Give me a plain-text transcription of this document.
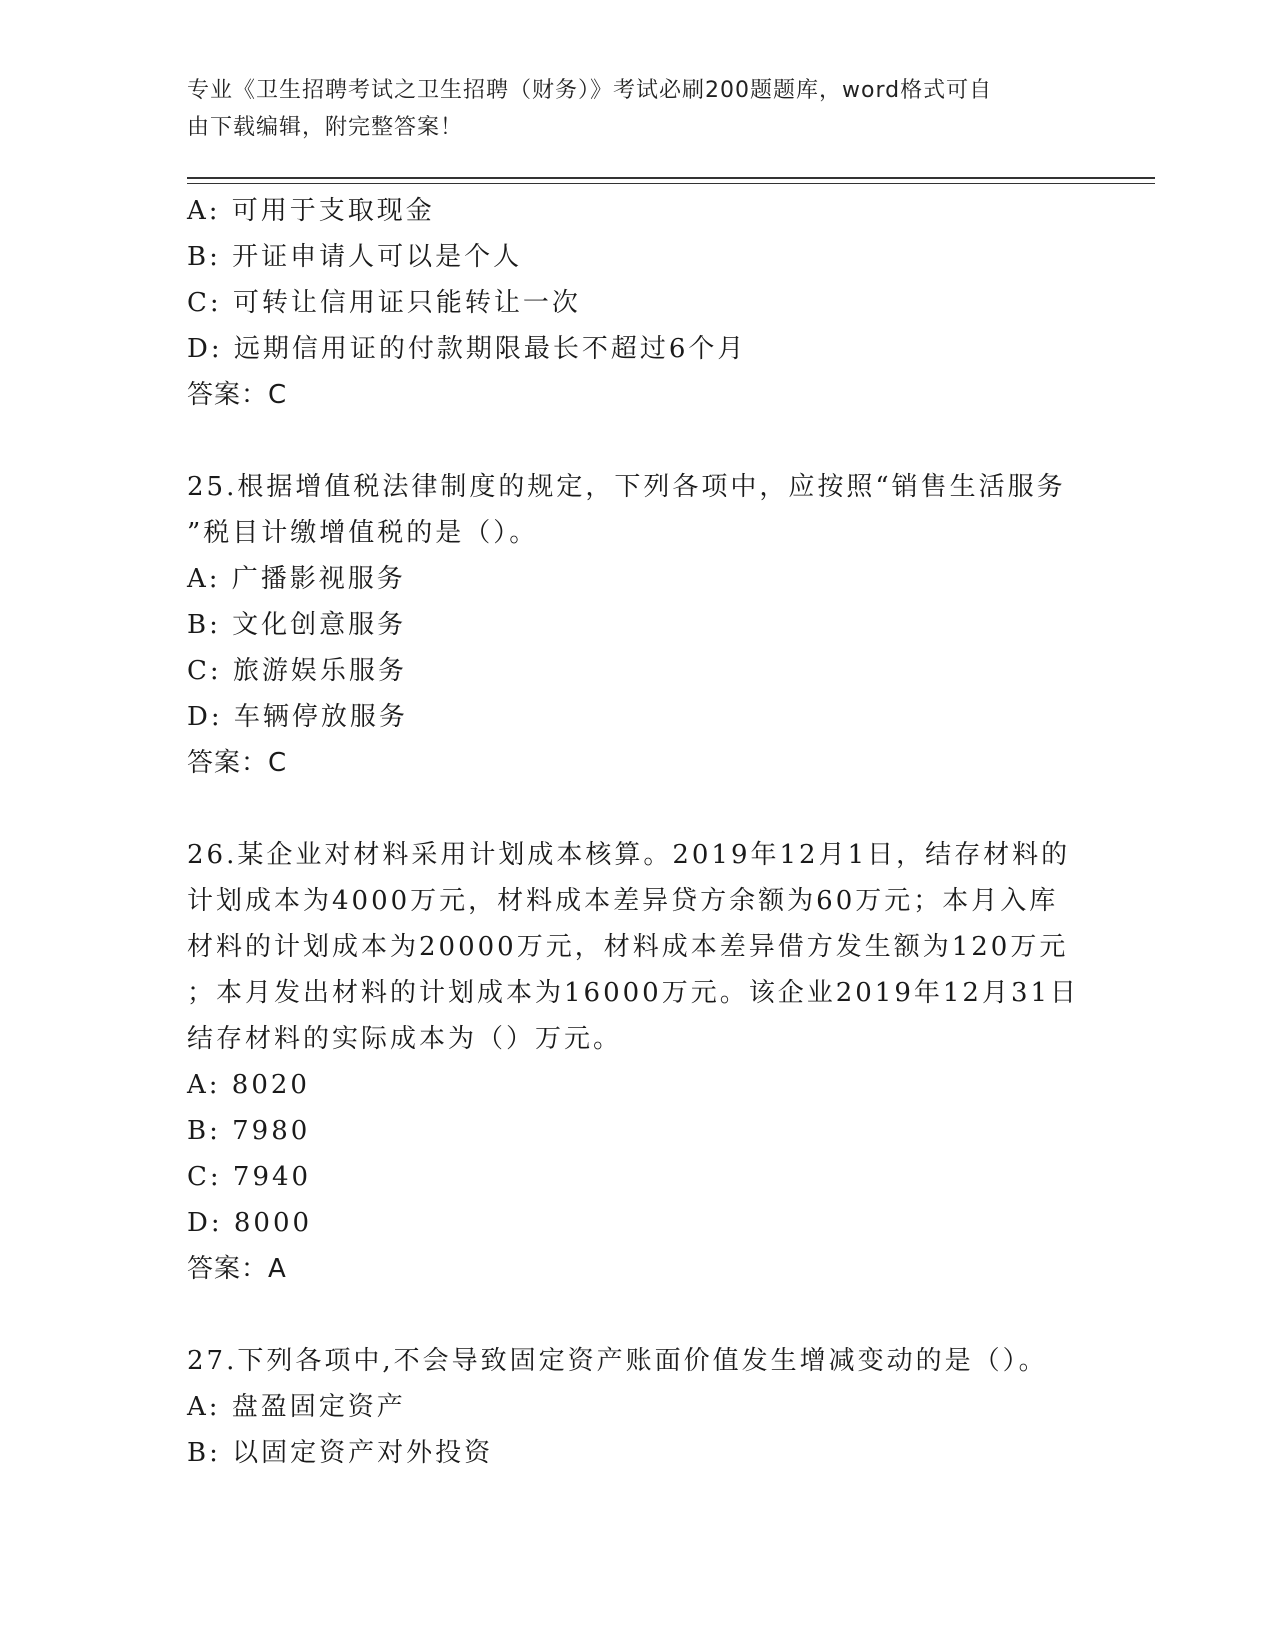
专业《卫生招聘考试之卫生招聘（财务）》考试必刷200题题库，word格式可自
由下载编辑，附完整答案！
A: 可用于支取现金
B: 开证申请人可以是个人
C: 可转让信用证只能转让一次
D: 远期信用证的付款期限最长不超过6个月
答案：C
25.根据增值税法律制度的规定，下列各项中，应按照“销售生活服务
”税目计缴增值税的是（）。
A: 广播影视服务
B: 文化创意服务
C: 旅游娱乐服务
D: 车辆停放服务
答案：C
26.某企业对材料采用计划成本核算。2019年12月1日，结存材料的
计划成本为4000万元，材料成本差异贷方余额为60万元；本月入库
材料的计划成本为20000万元，材料成本差异借方发生额为120万元
；本月发出材料的计划成本为16000万元。该企业2019年12月31日
结存材料的实际成本为（）万元。
A: 8020
B: 7980
C: 7940
D: 8000
答案：A
27.下列各项中,不会导致固定资产账面价值发生增减变动的是（）。
A: 盘盈固定资产
B: 以固定资产对外投资
